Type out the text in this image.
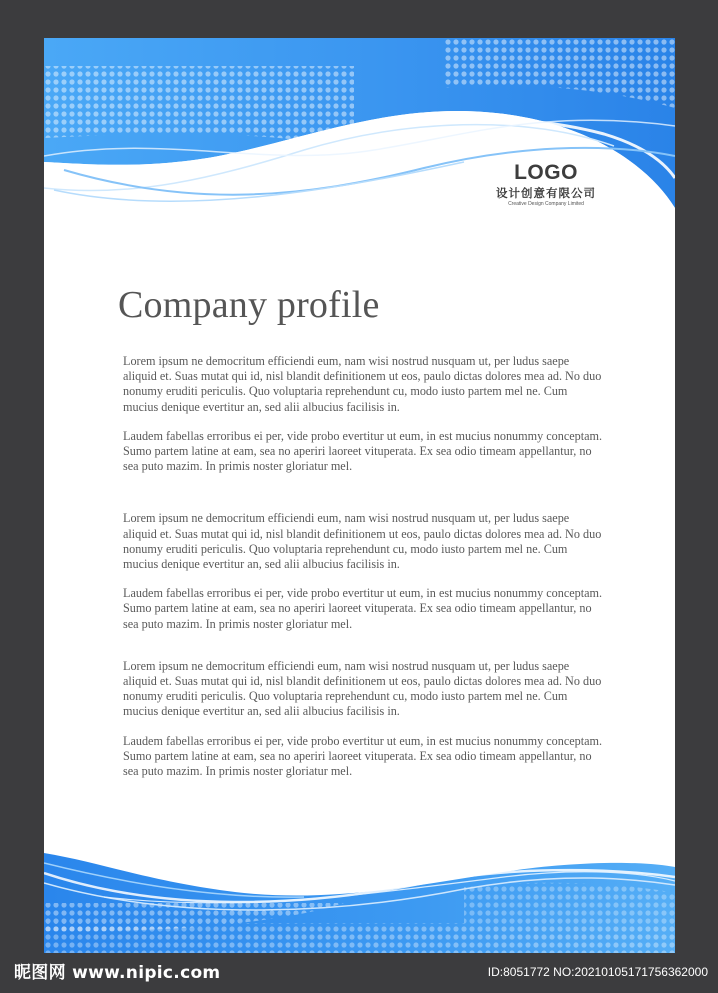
LOGO
设计创意有限公司
Creative Design Company Limited
Company profile

Lorem ipsum ne democritum efficiendi eum, nam wisi nostrud nusquam ut, per ludus saepe aliquid et. Suas mutat qui id, nisl blandit definitionem ut eos, paulo dictas dolores mea ad. No duo nonumy eruditi periculis. Quo voluptaria reprehendunt cu, modo iusto partem mel ne. Cum mucius denique evertitur an, sed alii albucius facilisis in.

Laudem fabellas erroribus ei per, vide probo evertitur ut eum, in est mucius nonummy conceptam. Sumo partem latine at eam, sea no aperiri laoreet vituperata. Ex sea odio timeam appellantur, no sea puto mazim. In primis noster gloriatur mel.

Lorem ipsum ne democritum efficiendi eum, nam wisi nostrud nusquam ut, per ludus saepe aliquid et. Suas mutat qui id, nisl blandit definitionem ut eos, paulo dictas dolores mea ad. No duo nonumy eruditi periculis. Quo voluptaria reprehendunt cu, modo iusto partem mel ne. Cum mucius denique evertitur an, sed alii albucius facilisis in.

Laudem fabellas erroribus ei per, vide probo evertitur ut eum, in est mucius nonummy conceptam. Sumo partem latine at eam, sea no aperiri laoreet vituperata. Ex sea odio timeam appellantur, no sea puto mazim. In primis noster gloriatur mel.

Lorem ipsum ne democritum efficiendi eum, nam wisi nostrud nusquam ut, per ludus saepe aliquid et. Suas mutat qui id, nisl blandit definitionem ut eos, paulo dictas dolores mea ad. No duo nonumy eruditi periculis. Quo voluptaria reprehendunt cu, modo iusto partem mel ne. Cum mucius denique evertitur an, sed alii albucius facilisis in.

Laudem fabellas erroribus ei per, vide probo evertitur ut eum, in est mucius nonummy conceptam. Sumo partem latine at eam, sea no aperiri laoreet vituperata. Ex sea odio timeam appellantur, no sea puto mazim. In primis noster gloriatur mel.

昵图网 www.nipic.com	ID:8051772 NO:20210105171756362000
